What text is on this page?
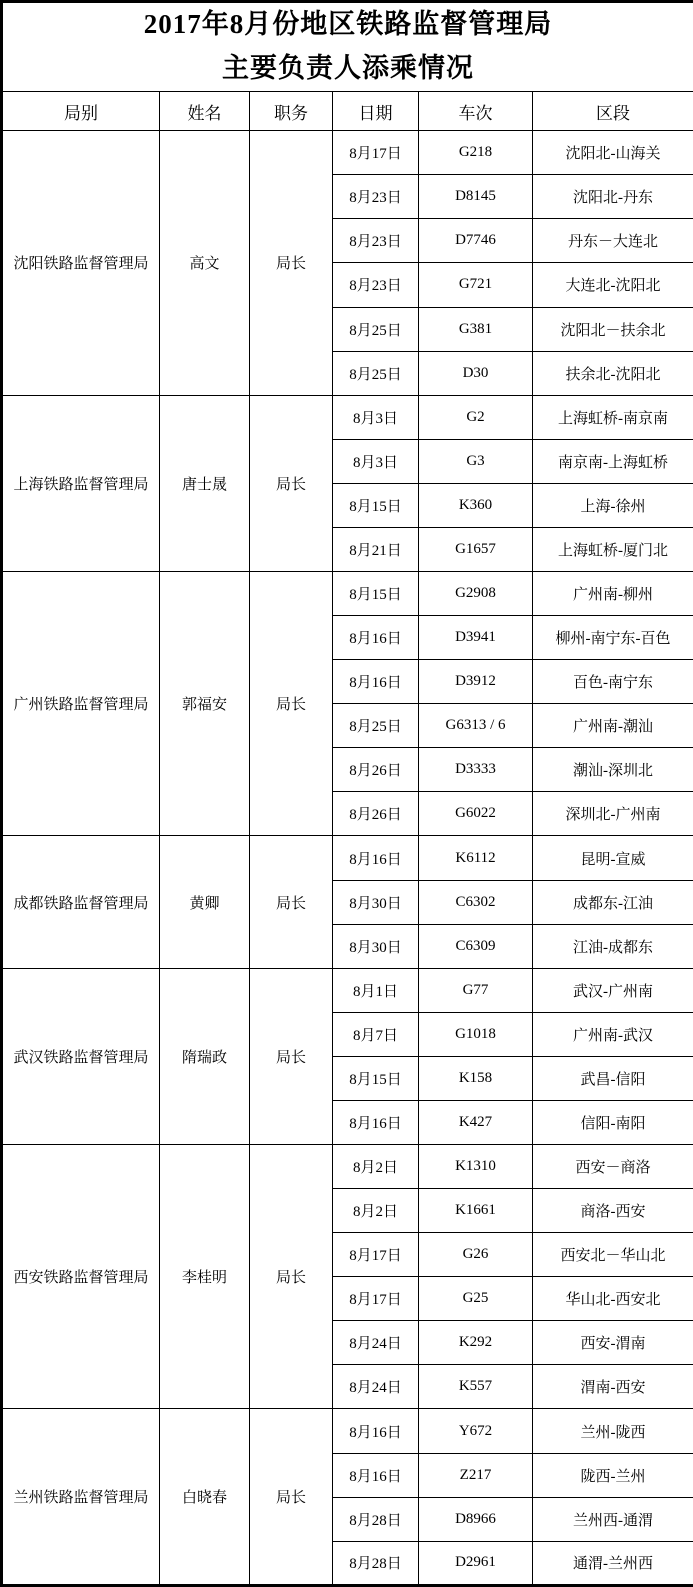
2017年8月份地区铁路监督管理局
主要负责人添乘情况					

局别	姓名	职务	日期	车次	区段
沈阳铁路监督管理局	高文	局长	8月17日	G218	沈阳北-山海关
			8月23日	D8145	沈阳北-丹东
			8月23日	D7746	丹东－大连北
			8月23日	G721	大连北-沈阳北
			8月25日	G381	沈阳北－扶余北
			8月25日	D30	扶余北-沈阳北
上海铁路监督管理局	唐士晟	局长	8月3日	G2	上海虹桥-南京南
			8月3日	G3	南京南-上海虹桥
			8月15日	K360	上海-徐州
			8月21日	G1657	上海虹桥-厦门北
广州铁路监督管理局	郭福安	局长	8月15日	G2908	广州南-柳州
			8月16日	D3941	柳州-南宁东-百色
			8月16日	D3912	百色-南宁东
			8月25日	G6313 / 6	广州南-潮汕
			8月26日	D3333	潮汕-深圳北
			8月26日	G6022	深圳北-广州南
成都铁路监督管理局	黄卿	局长	8月16日	K6112	昆明-宣威
			8月30日	C6302	成都东-江油
			8月30日	C6309	江油-成都东
武汉铁路监督管理局	隋瑞政	局长	8月1日	G77	武汉-广州南
			8月7日	G1018	广州南-武汉
			8月15日	K158	武昌-信阳
			8月16日	K427	信阳-南阳
西安铁路监督管理局	李桂明	局长	8月2日	K1310	西安－商洛
			8月2日	K1661	商洛-西安
			8月17日	G26	西安北－华山北
			8月17日	G25	华山北-西安北
			8月24日	K292	西安-渭南
			8月24日	K557	渭南-西安
兰州铁路监督管理局	白晓春	局长	8月16日	Y672	兰州-陇西
			8月16日	Z217	陇西-兰州
			8月28日	D8966	兰州西-通渭
			8月28日	D2961	通渭-兰州西
